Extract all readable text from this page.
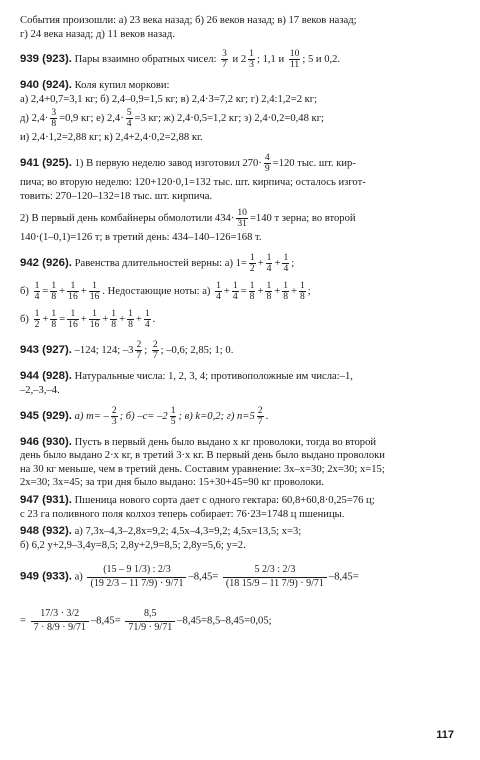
События произошли: а) 23 века назад; б) 26 веков назад; в) 17 веков назад;
г) 24 века назад; д) 11 веков назад.
939 (923). Пары взаимно обратных чисел: $\frac{3}{7}$ и $2 \frac{1}{3}$ ; 1,1 и $\frac{10}{11}$ ; 5 и 0,2.
940 (924). Коля купил моркови:
а) 2,4+0,7=3,1 кг; б) 2,4–0,9=1,5 кг; в) 2,4·3=7,2 кг; г) 2,4:1,2=2 кг;
д) $2,4\cdot \frac{3}{8} =0,9$ кг; е) $2,4\cdot \frac{5}{4} =3$ кг; ж) 2,4·0,5=1,2 кг; з) 2,4·0,2=0,48 кг;
и) 2,4·1,2=2,88 кг; к) 2,4+2,4·0,2=2,88 кг.
941 (925). 1) В первую неделю завод изготовил $270\cdot \frac{4}{9} =120$ тыс. шт. кир-
пича; во вторую неделю: 120+120·0,1=132 тыс. шт. кирпича; осталось изгот-
товить: 270–120–132=18 тыс. шт. кирпича.
2) В первый день комбайнеры обмолотили $434\cdot \frac{10}{31} =140$ т зерна; во второй
140·(1–0,1)=126 т; в третий день: 434–140–126=168 т.
942 (926). Равенства длительностей верны: а) $1= \frac{1}{2} + \frac{1}{4} + \frac{1}{4}$ ;
$б) \frac{1}{4} = \frac{1}{8} + \frac{1}{16} + \frac{1}{16}$ . Недостающие ноты: $а) \frac{1}{4} + \frac{1}{4} = \frac{1}{8} + \frac{1}{8} + \frac{1}{8} + \frac{1}{8}$ ;
$б) \frac{1}{2} + \frac{1}{8} = \frac{1}{16} + \frac{1}{16} + \frac{1}{8} + \frac{1}{8} + \frac{1}{4}$ .
943 (927). –124; 124; $-3 \frac{2}{7}$ ; $\frac{2}{7}$ ; –0,6; 2,85; 1; 0.
944 (928). Натуральные числа: 1, 2, 3, 4; противоположные им числа:–1,
–2,–3,–4.
945 (929). а) $m= - \frac{2}{3}$ ; б) $-c= -2 \frac{1}{5}$ ; в) k=0,2; г) $n=5 \frac{2}{7}$ .
946 (930). Пусть в первый день было выдано x кг проволоки, тогда во второй
день было выдано 2·x кг, в третий 3·x кг. В первый день было выдано проволоки
на 30 кг меньше, чем в третий день. Составим уравнение: 3x–x=30; 2x=30; x=15;
2x=30; 3x=45; за три дня было выдано: 15+30+45=90 кг проволоки.
947 (931). Пшеница нового сорта дает с одного гектара: 60,8+60,8·0,25=76 ц;
с 23 га поливного поля колхоз теперь собирает: 76·23=1748 ц пшеницы.
948 (932). а) 7,3x–4,3–2,8x=9,2; 4,5x–4,3=9,2; 4,5x=13,5; x=3;
б) 6,2 y+2,9–3,4y=8,5; 2,8y+2,9=8,5; 2,8y=5,6; y=2.
949 (933). $а) \frac{(15 - 9 1/3) : 2/3}{(19 2/3 - 11 7/9) \cdot 9/71} -8,45= \frac{5 2/3 : 2/3}{(18 15/9 - 11 7/9) \cdot 9/71} -8,45=$
= $\frac{17/3 \cdot 3/2}{7 \cdot 8/9 \cdot 9/71} -8,45= \frac{8,5}{71/9 \cdot 9/71} -8,45=8,5-8,45=0,05$;
117
